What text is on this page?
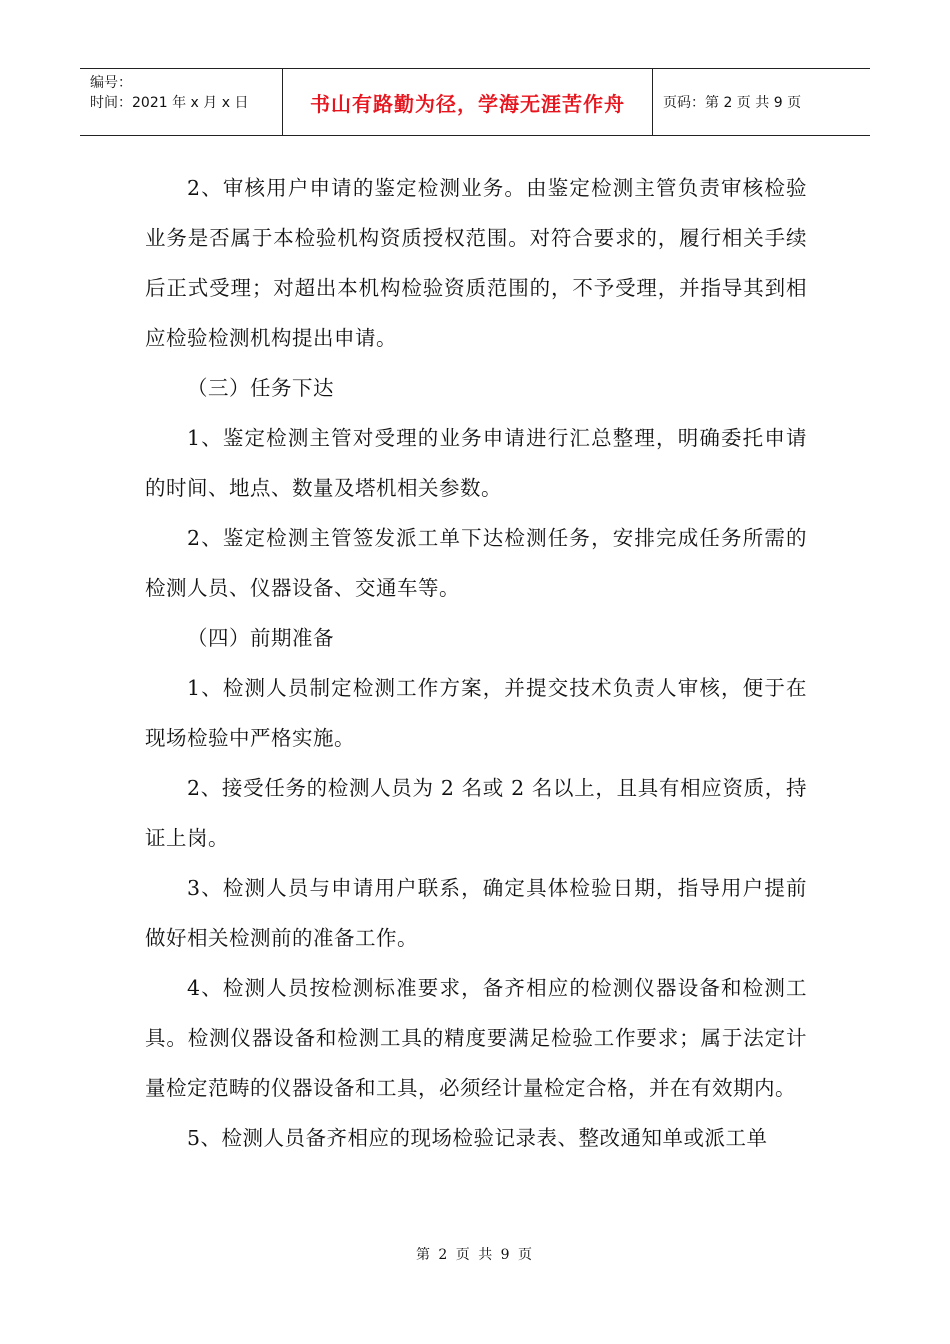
编号：
时间：2021 年 x 月 x 日	书山有路勤为径，学海无涯苦作舟	页码：第 2 页 共 9 页

2、审核用户申请的鉴定检测业务。由鉴定检测主管负责审核检验业务是否属于本检验机构资质授权范围。对符合要求的，履行相关手续后正式受理；对超出本机构检验资质范围的，不予受理，并指导其到相应检验检测机构提出申请。

（三）任务下达

1、鉴定检测主管对受理的业务申请进行汇总整理，明确委托申请的时间、地点、数量及塔机相关参数。

2、鉴定检测主管签发派工单下达检测任务，安排完成任务所需的检测人员、仪器设备、交通车等。

（四）前期准备

1、检测人员制定检测工作方案，并提交技术负责人审核，便于在现场检验中严格实施。

2、接受任务的检测人员为 2 名或 2 名以上，且具有相应资质，持证上岗。

3、检测人员与申请用户联系，确定具体检验日期，指导用户提前做好相关检测前的准备工作。

4、检测人员按检测标准要求，备齐相应的检测仪器设备和检测工具。检测仪器设备和检测工具的精度要满足检验工作要求；属于法定计量检定范畴的仪器设备和工具，必须经计量检定合格，并在有效期内。

5、检测人员备齐相应的现场检验记录表、整改通知单或派工单

第 2 页 共 9 页
